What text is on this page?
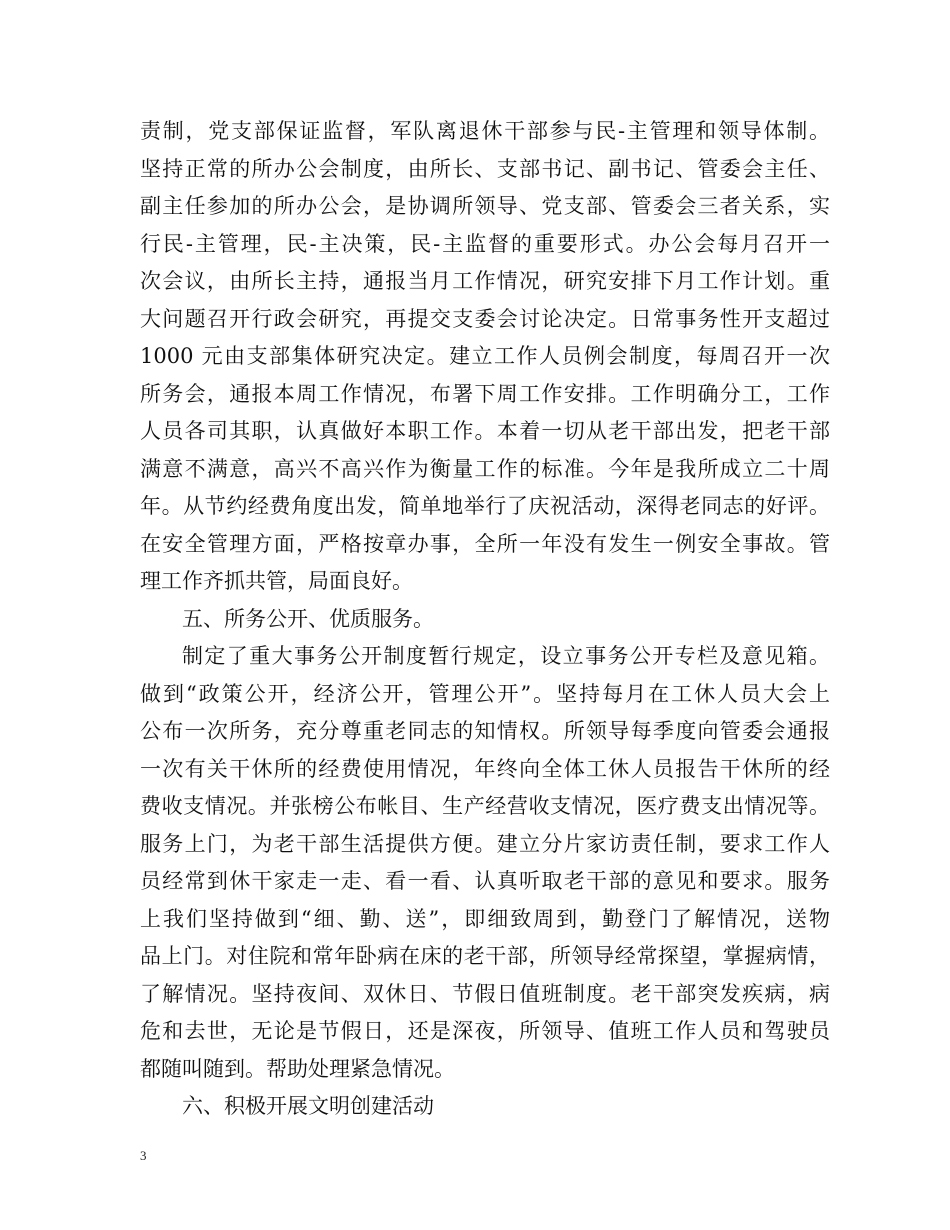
责制，党支部保证监督，军队离退休干部参与民-主管理和领导体制。
坚持正常的所办公会制度，由所长、支部书记、副书记、管委会主任、
副主任参加的所办公会，是协调所领导、党支部、管委会三者关系，实
行民-主管理，民-主决策，民-主监督的重要形式。办公会每月召开一
次会议，由所长主持，通报当月工作情况，研究安排下月工作计划。重
大问题召开行政会研究，再提交支委会讨论决定。日常事务性开支超过
1000 元由支部集体研究决定。建立工作人员例会制度，每周召开一次
所务会，通报本周工作情况，布署下周工作安排。工作明确分工，工作
人员各司其职，认真做好本职工作。本着一切从老干部出发，把老干部
满意不满意，高兴不高兴作为衡量工作的标准。今年是我所成立二十周
年。从节约经费角度出发，简单地举行了庆祝活动，深得老同志的好评。
在安全管理方面，严格按章办事，全所一年没有发生一例安全事故。管
理工作齐抓共管，局面良好。
五、所务公开、优质服务。
制定了重大事务公开制度暂行规定，设立事务公开专栏及意见箱。
做到“政策公开，经济公开，管理公开”。坚持每月在工休人员大会上
公布一次所务，充分尊重老同志的知情权。所领导每季度向管委会通报
一次有关干休所的经费使用情况，年终向全体工休人员报告干休所的经
费收支情况。并张榜公布帐目、生产经营收支情况，医疗费支出情况等。
服务上门，为老干部生活提供方便。建立分片家访责任制，要求工作人
员经常到休干家走一走、看一看、认真听取老干部的意见和要求。服务
上我们坚持做到“细、勤、送”，即细致周到，勤登门了解情况，送物
品上门。对住院和常年卧病在床的老干部，所领导经常探望，掌握病情，
了解情况。坚持夜间、双休日、节假日值班制度。老干部突发疾病，病
危和去世，无论是节假日，还是深夜，所领导、值班工作人员和驾驶员
都随叫随到。帮助处理紧急情况。
六、积极开展文明创建活动
3
